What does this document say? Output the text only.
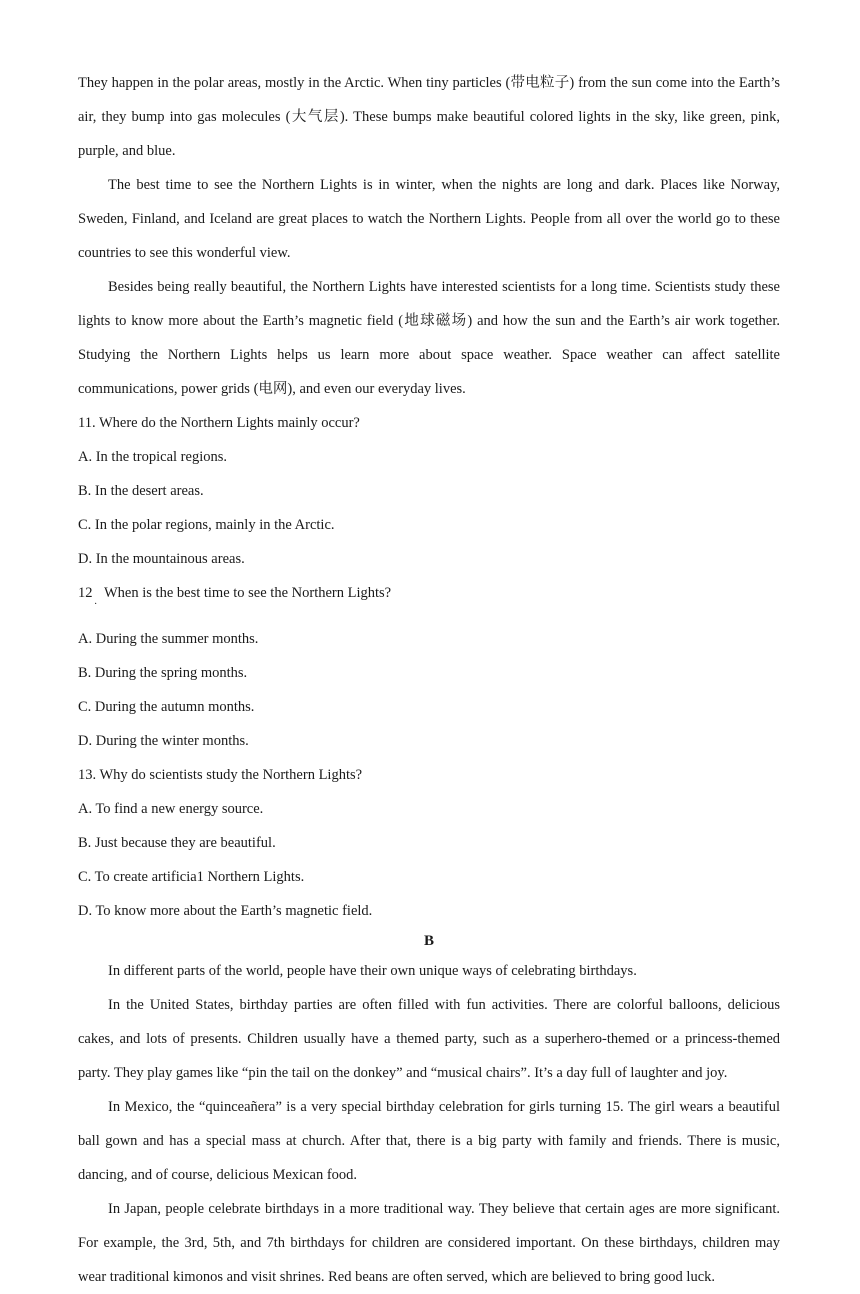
They happen in the polar areas, mostly in the Arctic. When tiny particles (带电粒子) from the sun come into the Earth’s air, they bump into gas molecules (大气层). These bumps make beautiful colored lights in the sky, like green, pink, purple, and blue.

The best time to see the Northern Lights is in winter, when the nights are long and dark. Places like Norway, Sweden, Finland, and Iceland are great places to watch the Northern Lights. People from all over the world go to these countries to see this wonderful view.

Besides being really beautiful, the Northern Lights have interested scientists for a long time. Scientists study these lights to know more about the Earth’s magnetic field (地球磁场) and how the sun and the Earth’s air work together. Studying the Northern Lights helps us learn more about space weather. Space weather can affect satellite communications, power grids (电网), and even our everyday lives.

11. Where do the Northern Lights mainly occur?

A. In the tropical regions.
B. In the desert areas.
C. In the polar regions, mainly in the Arctic.
D. In the mountainous areas.
12
·
When is the best time to see the Northern Lights?
A. During the summer months.
B. During the spring months.
C. During the autumn months.
D. During the winter months.

13. Why do scientists study the Northern Lights?

A. To find a new energy source.
B. Just because they are beautiful.
C. To create artificia1 Northern Lights.
D. To know more about the Earth’s magnetic field.

B

In different parts of the world, people have their own unique ways of celebrating birthdays.

In the United States, birthday parties are often filled with fun activities. There are colorful balloons, delicious cakes, and lots of presents. Children usually have a themed party, such as a superhero-themed or a princess-themed party. They play games like “pin the tail on the donkey” and “musical chairs”. It’s a day full of laughter and joy.

In Mexico, the “quinceañera” is a very special birthday celebration for girls turning 15. The girl wears a beautiful ball gown and has a special mass at church. After that, there is a big party with family and friends. There is music, dancing, and of course, delicious Mexican food.

In Japan, people celebrate birthdays in a more traditional way. They believe that certain ages are more significant. For example, the 3rd, 5th, and 7th birthdays for children are considered important. On these birthdays, children may wear traditional kimonos and visit shrines. Red beans are often served, which are believed to bring good luck.
